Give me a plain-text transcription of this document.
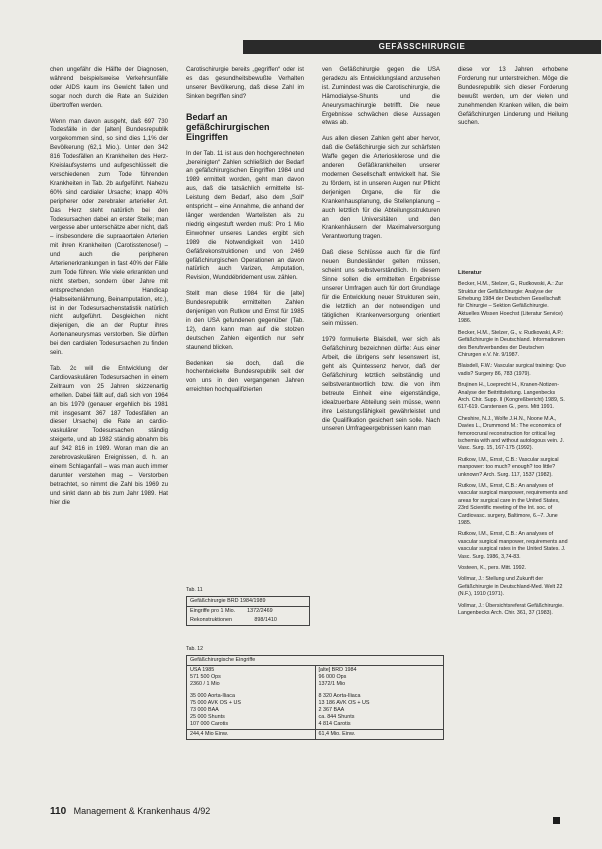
GEFÄSSCHIRURGIE

chen ungefähr die Hälfte der Diagnosen, während beispielsweise Verkehrsunfälle oder AIDS kaum ins Gewicht fallen und sogar noch durch die Rate an Suiziden übertroffen werden.

Wenn man davon ausgeht, daß 697 730 Todesfälle in der [alten] Bundesrepublik vorgekommen sind, so sind dies 1,1% der Bevölkerung (62,1 Mio.). Unter den 342 816 Todesfällen an Krankheiten des Herz-Kreislaufsystems und aufgeschlüsselt die verschiedenen zum Tode führenden Krankheiten in Tab. 2b aufgeführt. Nahezu 60% sind cardialer Ursache; knapp 40% peripherer oder zerebraler arterieller Art. Das Herz steht natürlich bei den Todesursachen dabei an erster Stelle; man vergesse aber unterschätze aber nicht, daß – insbesondere die supraaortalen Arterien mit ihren Krankheiten (Carotisstenose!) – und auch die peripheren Arterienerkrankungen in fast 40% der Fälle zum Tode führen. Wie viele erkrankten und nicht sterben, sondern über Jahre mit entsprechenden Handicap (Halbseitenlähmung, Beinamputation, etc.), ist in der Todesursachenstatistik natürlich nicht aufgeführt. Desgleichen nicht diejenigen, die an der Ruptur ihres Aortenaneurysmas verstorben. Sie dürften bei den cardialen Todesursachen zu finden sein.

Tab. 2c will die Entwicklung der Cardiovaskulären Todesursachen in einem Zeitraum von 25 Jahren skizzenartig erhellen. Dabei fällt auf, daß sich von 1964 an bis 1979 (genauer ergehlich bis 1981 mit insgesamt 367 187 Todesfällen an dieser Ursache) die Rate an cardio-vaskulärer Todesursachen ständig steigerte, und ab 1982 ständig abnahm bis auf 342 816 in 1989. Woran man die an zerebrovaskulären Ereignissen, d. h. an einem Schlaganfall – was man auch immer darunter verstehen mag – Verstorben betrachtet, so nimmt die Zahl bis 1969 zu und sinkt dann ab bis zum Jahr 1989. Hat hier die

Carotischirurgie bereits „gegriffen“ oder ist es das gesundheitsbewußte Verhalten unserer Bevölkerung, daß diese Zahl im Sinken begriffen sind?

Bedarf an gefäßchirurgischen Eingriffen

In der Tab. 11 ist aus den hochgerechneten „bereinigten“ Zahlen schließlich der Bedarf an gefäßchirurgischen Eingriffen 1984 und 1989 ermittelt worden, geht man davon aus, daß die tatsächlich ermittelte Ist-Leistung dem Bedarf, also dem „Soll“ entspricht – eine Annahme, die anhand der länger werdenden Wartelisten als zu niedrig eingestuft werden muß: Pro 1 Mio Einwohner unseres Landes ergibt sich 1989 die Notwendigkeit von 1410 Gefäßrekonstruktionen und von 2469 gefäßchirurgischen Operationen an davon natürlich auch Varizen, Amputation, Revision, Wunddébridement usw. zählen.

Stellt man diese 1984 für die [alte] Bundesrepublik ermittelten Zahlen denjenigen von Rutkow und Ernst für 1985 in den USA gefundenen gegenüber (Tab. 12), dann kann man auf die stolzen deutschen Zahlen eigentlich nur sehr staunend blicken.

Bedenken sie doch, daß die hochentwickelte Bundesrepublik seit der von uns in den vergangenen Jahren erreichten hochqualifizierten

Tab. 11
Gefäßchirurgie BRD 1984/1989
Eingriffe pro 1 Mio.        1372/2469
Rekonstruktionen               898/1410
Tab. 12
Gefäßchirurgische Eingriffe
USA 1985
571 500 Ops
2360 / 1 Mio
35 000 Aorta-Iliaca
75 000 AVK OS + US
73 000 BAA
25 000 Shunts
107 000 Carotis
[alte] BRD 1984
96 000 Ops
1372/1 Mio
8 320 Aorta-Iliaca
13 186 AVK OS + US
2 367 BAA
ca. 844 Shunts
4 814 Carotis
244,4 Mio Einw.	61,4 Mio. Einw.

ven Gefäßchirurgie gegen die USA geradezu als Entwicklungsland anzusehen ist. Zumindest was die Carotischirurgie, die Hämodialyse-Shunts und die Aneurysmachirurgie betrifft. Die neue Ergebnisse schwächen diese Aussagen etwas ab.

Aus allen diesen Zahlen geht aber hervor, daß die Gefäßchirurgie sich zur schärfsten Waffe gegen die Arteriosklerose und die anderen Gefäßkrankheiten unserer modernen Gesellschaft entwickelt hat. Sie zu fördern, ist in unseren Augen nur Pflicht derjenigen Organe, die für die Krankenhausplanung, die Stellenplanung – auch letztlich für die Abteilungsstrukturen an den Universitäten und den Krankenhäusern der Maximalversorgung Verantwortung tragen.

Daß diese Schlüsse auch für die fünf neuen Bundesländer gelten müssen, scheint uns selbstverständlich. In diesem Sinne sollen die ermittelten Ergebnisse unserer Umfragen auch für dort Grundlage für die Entwicklung neuer Strukturen sein, die letztlich an der notwendigen und tätiglichen Krankenversorgung orientiert sein müssen.

1979 formulierte Blaisdell, wer sich als Gefäßchirurg bezeichnen dürfte: Aus einer Arbeit, die übrigens sehr lesenswert ist, geht als Quintessenz hervor, daß der Gefäßchirurg letztlich selbständig und selbstverantwortlich bzw. die von ihm betreute Einheit eine eigenständige, idealzuerbare Abteilung sein müsse, wenn ihre Leistungsfähigkeit gewährleistet und die Qualifikation gesichert sein solle. Nach unseren Umfrageergebnissen kann man

diese vor 13 Jahren erhobene Forderung nur unterstreichen. Möge die Bundesrepublik sich dieser Forderung bewußt werden, um der vielen und zunehmenden Kranken willen, die beim Gefäßchirurgen Linderung und Heilung suchen.

Literatur

Becker, H.M., Stelzer, G., Rudkowski, A.: Zur Struktur der Gefäßchirurgie: Analyse der Erhebung 1984 der Deutschen Gesellschaft für Chirurgie – Sektion Gefäßchirurgie. Aktuelles Wissen Hoechst (Literatur Service) 1986.

Becker, H.M., Stelzer, G., v. Rudkowski, A.P.: Gefäßchirurgie in Deutschland. Informationen des Berufsverbandes der Deutschen Chirurgen e.V. Nr. 9/1987.

Blaisdell, F.W.: Vascular surgical training: Quo vadis? Surgery 86, 783 (1979).

Brujinen H., Loeprecht H., Kranen-Notizen-Analyse der Beitrittsleitung. Langenbecks Arch. Chir. Supp. II (Kongreßbericht) 1989, S. 617-619. Carstensen G., pers. Mitt 1991.

Cheshire, N.J., Wolfe J.H.N., Noone M.A., Davies L., Drummond M.: The economics of femorocrural reconstruction for critical leg ischemia with and without autologous vein. J. Vasc. Surg. 15, 167-175 (1992).

Rutkow, I.M., Ernst, C.B.: Vascular surgical manpower: too much? enough? too little? unknown? Arch. Surg. 117, 1537 (1982).

Rutkow, I.M., Ernst, C.B.: An analyses of vascular surgical manpower, requirements and areas for surgical care in the United States, 23rd Scientific meeting of the Int. soc. of Cardiovasc. surgery, Baltimore, 6.–7. June 1985.

Rutkow, I.M., Ernst, C.B.: An analyses of vascular surgical manpower, requirements and vascular surgical rates in the United States. J. Vasc. Surg. 1986, 3,74-83.

Vosteen, K., pers. Mitt. 1992.

Vollmar, J.: Stellung und Zukunft der Gefäßchirurgie in Deutschland-Med. Welt 22 (N.F.), 1910 (1971).

Vollmar, J.: Übersichtsreferat Gefäßchirurgie. Langenbecks Arch. Chir. 361, 37 (1983).

110 Management & Krankenhaus 4/92
